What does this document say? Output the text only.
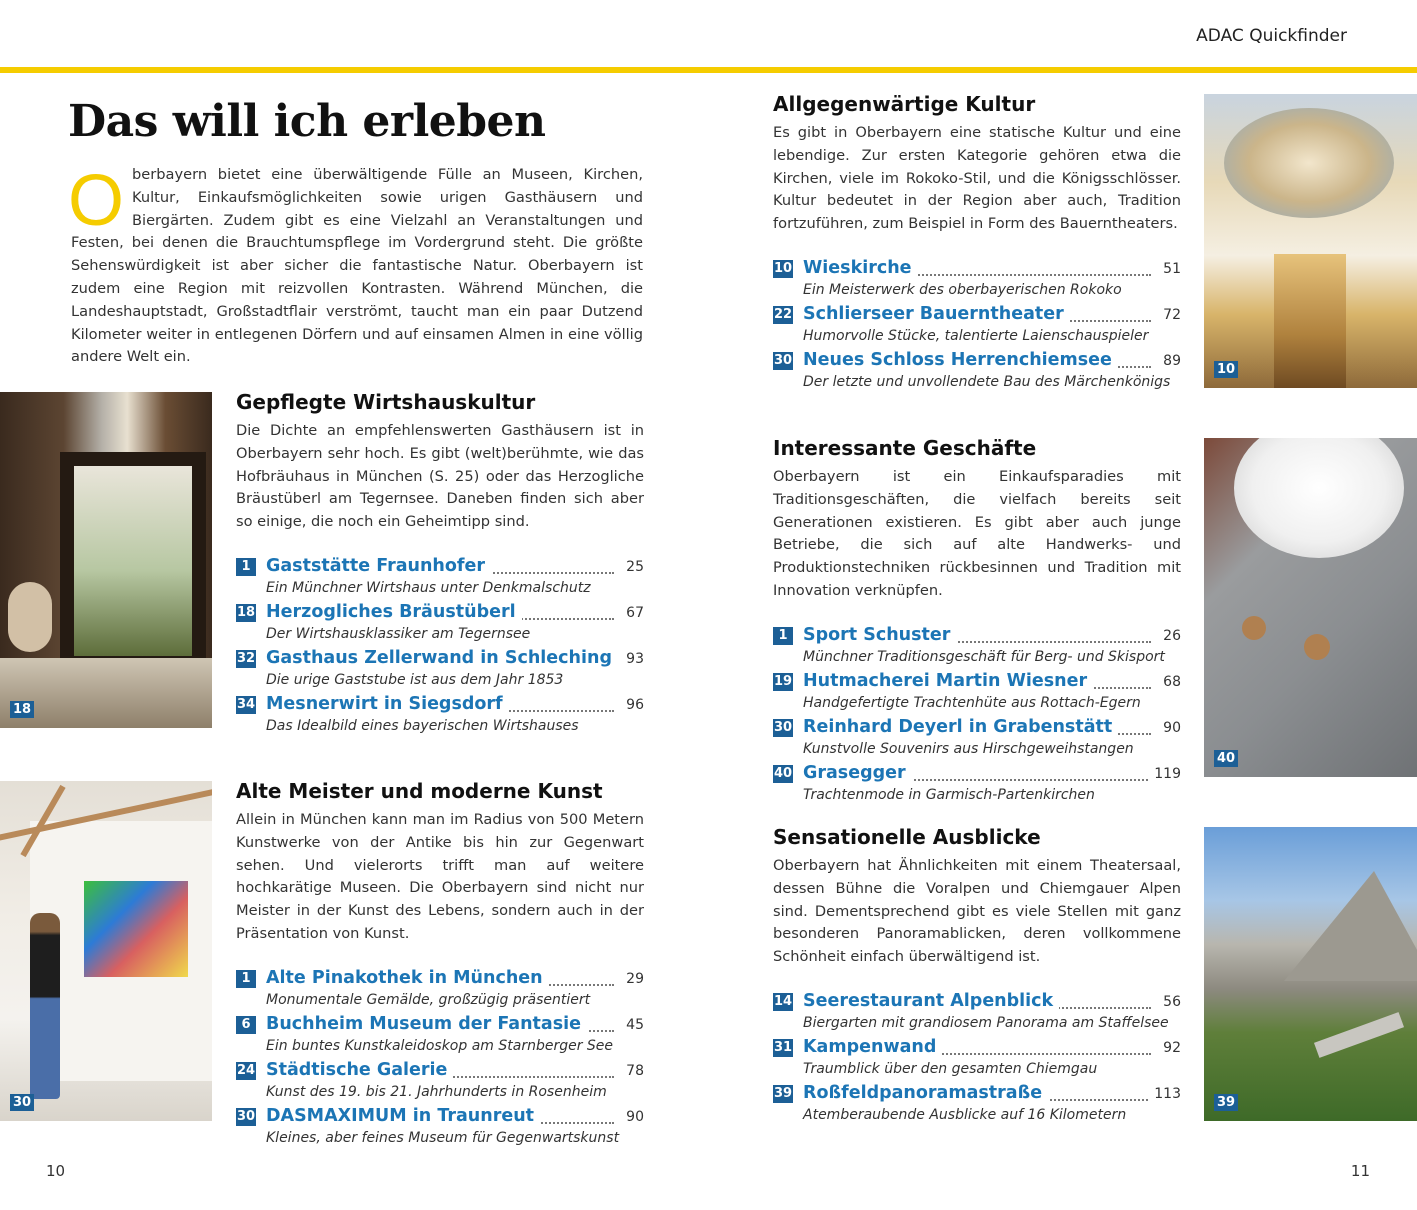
ADAC Quickfinder
Das will ich erleben

Oberbayern bietet eine überwältigende Fülle an Museen, Kirchen, Kultur, Einkaufsmöglichkeiten sowie urigen Gasthäusern und Biergärten. Zudem gibt es eine Vielzahl an Veranstaltungen und Festen, bei denen die Brauchtumspflege im Vordergrund steht. Die größte Sehenswürdigkeit ist aber sicher die fantastische Natur. Oberbayern ist zudem eine Region mit reizvollen Kontrasten. Während München, die Landeshauptstadt, Großstadtflair verströmt, taucht man ein paar Dutzend Kilometer weiter in entlegenen Dörfern und auf einsamen Almen in eine völlig andere Welt ein.

18
30
10
40
39
Gepflegte Wirtshauskultur

Die Dichte an empfehlenswerten Gasthäusern ist in Oberbayern sehr hoch. Es gibt (welt)berühmte, wie das Hofbräuhaus in München (S. 25) oder das Herzogliche Bräustüberl am Tegernsee. Daneben finden sich aber so einige, die noch ein Geheimtipp sind.

1 Gaststätte Fraunhofer	25
Ein Münchner Wirtshaus unter Denkmalschutz
18 Herzogliches Bräustüberl	67
Der Wirtshausklassiker am Tegernsee
32 Gasthaus Zellerwand in Schleching	93
Die urige Gaststube ist aus dem Jahr 1853
34 Mesnerwirt in Siegsdorf	96
Das Idealbild eines bayerischen Wirtshauses
Alte Meister und moderne Kunst

Allein in München kann man im Radius von 500 Metern Kunstwerke von der Antike bis hin zur Gegenwart sehen. Und vielerorts trifft man auf weitere hochkarätige Museen. Die Oberbayern sind nicht nur Meister in der Kunst des Lebens, sondern auch in der Präsentation von Kunst.

1 Alte Pinakothek in München	29
Monumentale Gemälde, großzügig präsentiert
6 Buchheim Museum der Fantasie	45
Ein buntes Kunstkaleidoskop am Starnberger See
24 Städtische Galerie	78
Kunst des 19. bis 21. Jahrhunderts in Rosenheim
30 DASMAXIMUM in Traunreut	90
Kleines, aber feines Museum für Gegenwartskunst
Allgegenwärtige Kultur

Es gibt in Oberbayern eine statische Kultur und eine lebendige. Zur ersten Kategorie gehören etwa die Kirchen, viele im Rokoko-Stil, und die Königsschlösser. Kultur bedeutet in der Region aber auch, Tradition fortzuführen, zum Beispiel in Form des Bauerntheaters.

10 Wieskirche	51
Ein Meisterwerk des oberbayerischen Rokoko
22 Schlierseer Bauerntheater	72
Humorvolle Stücke, talentierte Laienschauspieler
30 Neues Schloss Herrenchiemsee	89
Der letzte und unvollendete Bau des Märchenkönigs
Interessante Geschäfte

Oberbayern ist ein Einkaufsparadies mit Traditionsgeschäften, die vielfach bereits seit Generationen existieren. Es gibt aber auch junge Betriebe, die sich auf alte Handwerks- und Produktionstechniken rückbesinnen und Tradition mit Innovation verknüpfen.

1 Sport Schuster	26
Münchner Traditionsgeschäft für Berg- und Skisport
19 Hutmacherei Martin Wiesner	68
Handgefertigte Trachtenhüte aus Rottach-Egern
30 Reinhard Deyerl in Grabenstätt	90
Kunstvolle Souvenirs aus Hirschgeweihstangen
40 Grasegger	119
Trachtenmode in Garmisch-Partenkirchen
Sensationelle Ausblicke

Oberbayern hat Ähnlichkeiten mit einem Theatersaal, dessen Bühne die Voralpen und Chiemgauer Alpen sind. Dementsprechend gibt es viele Stellen mit ganz besonderen Panoramablicken, deren vollkommene Schönheit einfach überwältigend ist.

14 Seerestaurant Alpenblick	56
Biergarten mit grandiosem Panorama am Staffelsee
31 Kampenwand	92
Traumblick über den gesamten Chiemgau
39 Roßfeldpanoramastraße	113
Atemberaubende Ausblicke auf 16 Kilometern
10	11
